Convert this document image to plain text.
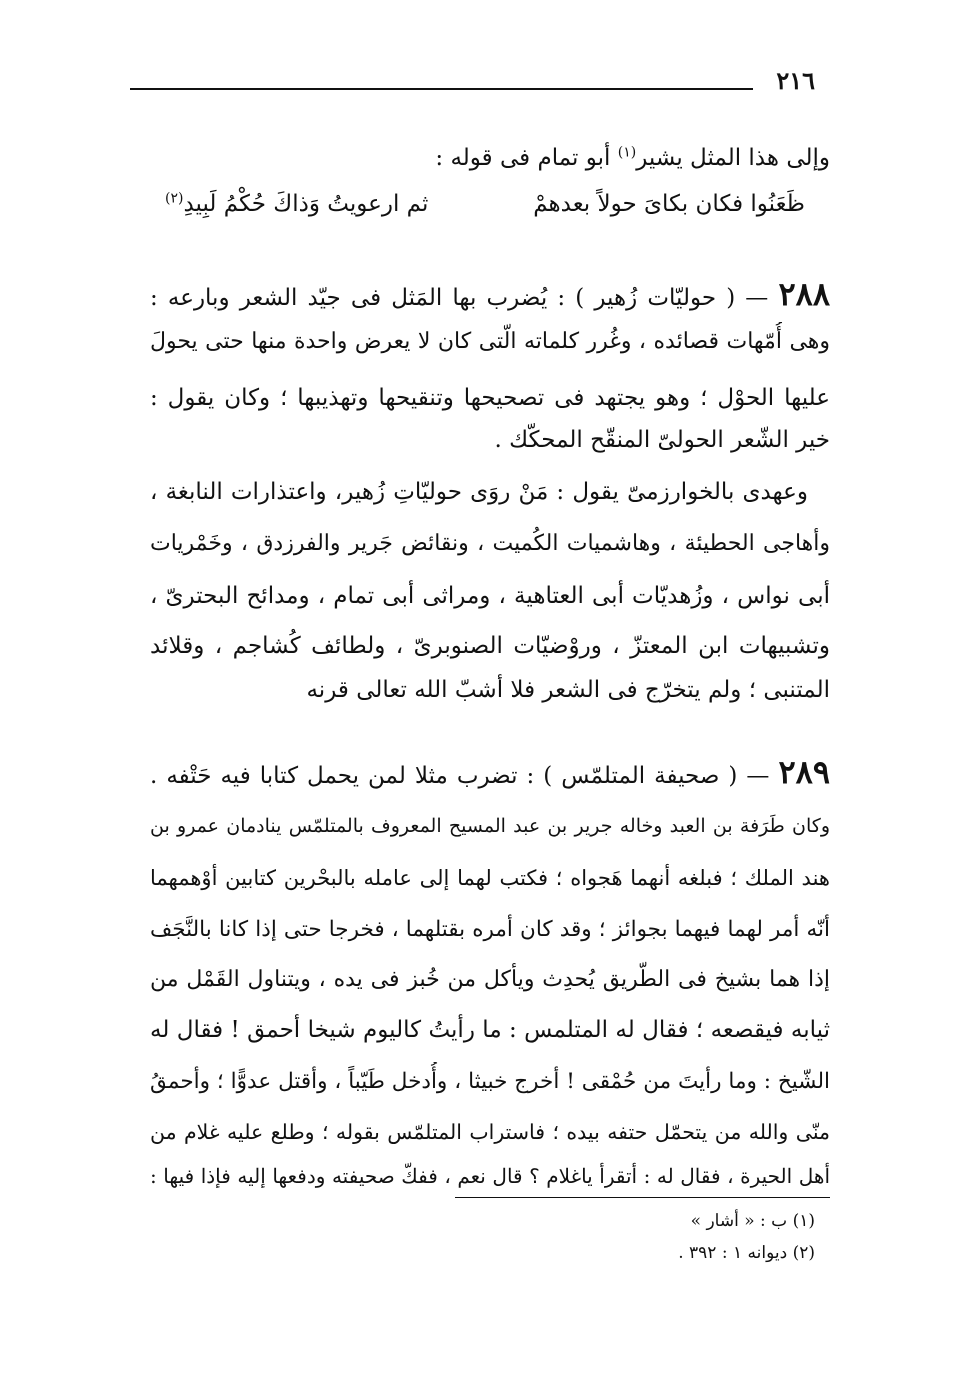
٢١٦
وإلى هذا المثل يشير$^{(١)}$ أبو تمام فى قوله :
ظَعَنُوا فكان بكاىَ حولاً بعدهمْ
ثم ارعويتُ وَذاكَ حُكْمُ لَبِيدِ$^{(٢)}$
٢٨٨ — ( حوليّات زُهير ) : يُضرب بها المَثل فى جيّد الشعر وبارعه :
وهى أُمّهات قصائده ، وغُرر كلماته الّتى كان لا يعرض واحدة منها حتى يحولَ
عليها الحوْل ؛ وهو يجتهد فى تصحيحها وتنقيحها وتهذيبها ؛ وكان يقول :
خير الشّعر الحولىّ المنقّح المحكّك .
وعهدى بالخوارزمىّ يقول : مَنْ روَى حوليّاتِ زُهير، واعتذارات النابغة ،
وأهاجى الحطيئة ، وهاشميات الكُميت ، ونقائض جَرير والفرزدق ، وخَمْريات
أبى نواس ، وزُهديّات أبى العتاهية ، ومراثى أبى تمام ، ومدائح البحترىّ ،
وتشبيهات ابن المعتزّ ، وروْضيّات الصنوبرىّ ، ولطائف كُشاجم ، وقلائد
المتنبى ؛ ولم يتخرّج فى الشعر فلا أشبّ الله تعالى قرنه
٢٨٩ — ( صحيفة المتلمّس ) : تضرب مثلا لمن يحمل كتابا فيه حَتْفه .
وكان طَرَفة بن العبد وخاله جرير بن عبد المسيح المعروف بالمتلمّس ينادمان عمرو بن
هند الملك ؛ فبلغه أنهما هَجواه ؛ فكتب لهما إلى عامله بالبحْرين كتابين أوْهمهما
أنّه أمر لهما فيهما بجوائز ؛ وقد كان أمره بقتلهما ، فخرجا حتى إذا كانا بالنَّجَف
إذا هما بشيخ فى الطّريق يُحدِث ويأكل من خُبز فى يده ، ويتناول القَمْل من
ثيابه فيقصعه ؛ فقال له المتلمس : ما رأيتُ كاليوم شيخا أحمق ! فقال له
الشّيخ : وما رأيتَ من حُمْقى ! أخرج خبيثا ، وأُدخل طَيّباً ، وأقتل عدوًّا ؛ وأحمقُ
منّى والله من يتحمّل حتفه بيده ؛ فاستراب المتلمّس بقوله ؛ وطلع عليه غلام من
أهل الحيرة ، فقال له : أتقرأ ياغلام ؟ قال نعم ، ففكّ صحيفته ودفعها إليه فإذا فيها :
(١) ب : « أشار »
(٢) ديوانه ١ : ٣٩٢ .
